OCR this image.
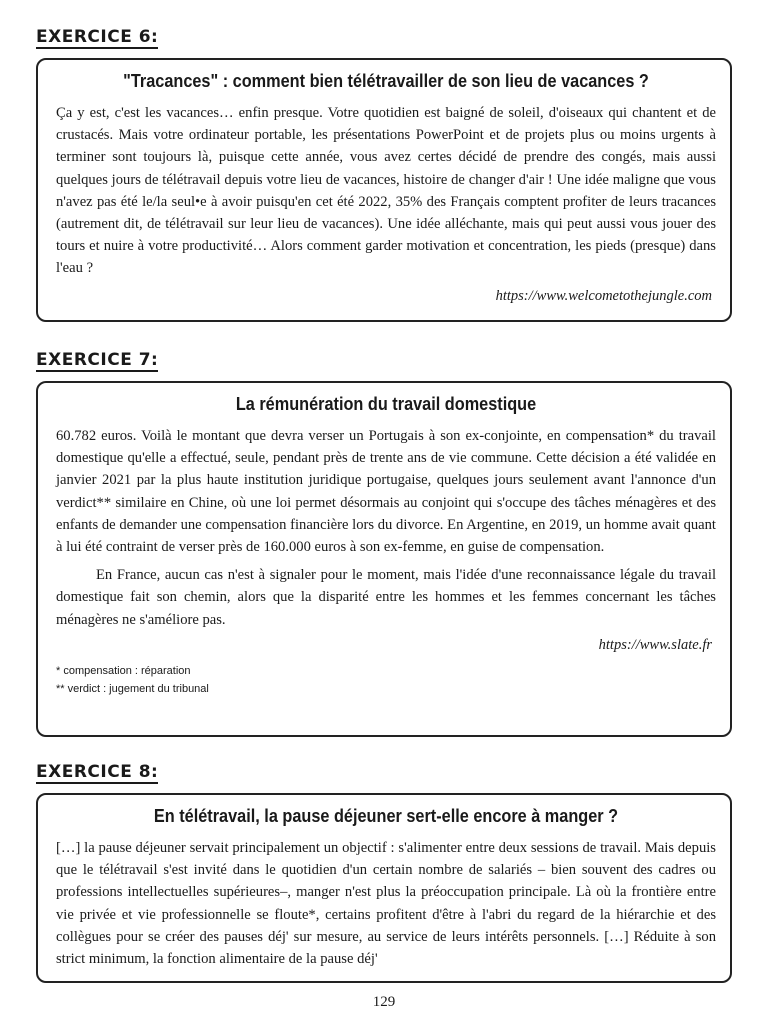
EXERCICE 6:
"Tracances" : comment bien télétravailler de son lieu de vacances ?

Ça y est, c'est les vacances… enfin presque. Votre quotidien est baigné de soleil, d'oiseaux qui chantent et de crustacés. Mais votre ordinateur portable, les présentations PowerPoint et de projets plus ou moins urgents à terminer sont toujours là, puisque cette année, vous avez certes décidé de prendre des congés, mais aussi quelques jours de télétravail depuis votre lieu de vacances, histoire de changer d'air ! Une idée maligne que vous n'avez pas été le/la seul•e à avoir puisqu'en cet été 2022, 35% des Français comptent profiter de leurs tracances (autrement dit, de télétravail sur leur lieu de vacances). Une idée alléchante, mais qui peut aussi vous jouer des tours et nuire à votre productivité… Alors comment garder motivation et concentration, les pieds (presque) dans l'eau ?

https://www.welcometothejungle.com
EXERCICE 7:
La rémunération du travail domestique

60.782 euros. Voilà le montant que devra verser un Portugais à son ex-conjointe, en compensation* du travail domestique qu'elle a effectué, seule, pendant près de trente ans de vie commune. Cette décision a été validée en janvier 2021 par la plus haute institution juridique portugaise, quelques jours seulement avant l'annonce d'un verdict** similaire en Chine, où une loi permet désormais au conjoint qui s'occupe des tâches ménagères et des enfants de demander une compensation financière lors du divorce. En Argentine, en 2019, un homme avait quant à lui été contraint de verser près de 160.000 euros à son ex-femme, en guise de compensation.

En France, aucun cas n'est à signaler pour le moment, mais l'idée d'une reconnaissance légale du travail domestique fait son chemin, alors que la disparité entre les hommes et les femmes concernant les tâches ménagères ne s'améliore pas.

https://www.slate.fr
* compensation : réparation
** verdict : jugement du tribunal
EXERCICE 8:
En télétravail, la pause déjeuner sert-elle encore à manger ?

[…] la pause déjeuner servait principalement un objectif : s'alimenter entre deux sessions de travail. Mais depuis que le télétravail s'est invité dans le quotidien d'un certain nombre de salariés – bien souvent des cadres ou professions intellectuelles supérieures–, manger n'est plus la préoccupation principale. Là où la frontière entre vie privée et vie professionnelle se floute*, certains profitent d'être à l'abri du regard de la hiérarchie et des collègues pour se créer des pauses déj' sur mesure, au service de leurs intérêts personnels. […] Réduite à son strict minimum, la fonction alimentaire de la pause déj'

129
